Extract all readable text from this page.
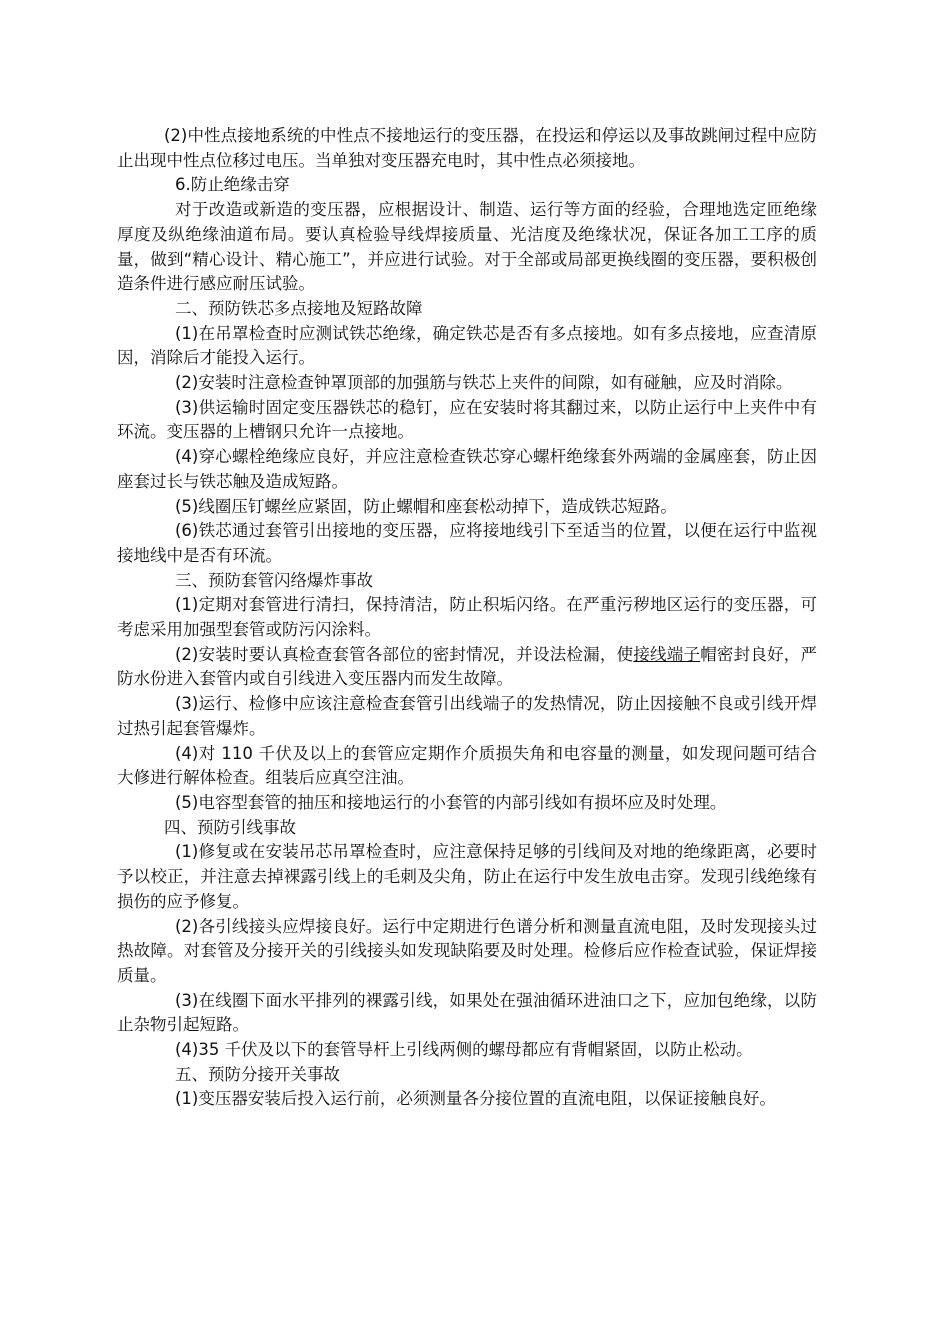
(2)中性点接地系统的中性点不接地运行的变压器，在投运和停运以及事故跳闸过程中应防止出现中性点位移过电压。当单独对变压器充电时，其中性点必须接地。

6.防止绝缘击穿

对于改造或新造的变压器，应根据设计、制造、运行等方面的经验，合理地选定匝绝缘厚度及纵绝缘油道布局。要认真检验导线焊接质量、光洁度及绝缘状况，保证各加工工序的质量，做到“精心设计、精心施工”，并应进行试验。对于全部或局部更换线圈的变压器，要积极创造条件进行感应耐压试验。

二、预防铁芯多点接地及短路故障

(1)在吊罩检查时应测试铁芯绝缘，确定铁芯是否有多点接地。如有多点接地，应查清原因，消除后才能投入运行。

(2)安装时注意检查钟罩顶部的加强筋与铁芯上夹件的间隙，如有碰触，应及时消除。

(3)供运输时固定变压器铁芯的稳钉，应在安装时将其翻过来，以防止运行中上夹件中有环流。变压器的上槽钢只允许一点接地。

(4)穿心螺栓绝缘应良好，并应注意检查铁芯穿心螺杆绝缘套外两端的金属座套，防止因座套过长与铁芯触及造成短路。

(5)线圈压钉螺丝应紧固，防止螺帽和座套松动掉下，造成铁芯短路。

(6)铁芯通过套管引出接地的变压器，应将接地线引下至适当的位置，以便在运行中监视接地线中是否有环流。

三、预防套管闪络爆炸事故

(1)定期对套管进行清扫，保持清洁，防止积垢闪络。在严重污秽地区运行的变压器，可考虑采用加强型套管或防污闪涂料。

(2)安装时要认真检查套管各部位的密封情况，并设法检漏，使接线端子帽密封良好，严防水份进入套管内或自引线进入变压器内而发生故障。

(3)运行、检修中应该注意检查套管引出线端子的发热情况，防止因接触不良或引线开焊过热引起套管爆炸。

(4)对 110 千伏及以上的套管应定期作介质损失角和电容量的测量，如发现问题可结合大修进行解体检查。组装后应真空注油。

(5)电容型套管的抽压和接地运行的小套管的内部引线如有损坏应及时处理。

四、预防引线事故

(1)修复或在安装吊芯吊罩检查时，应注意保持足够的引线间及对地的绝缘距离，必要时予以校正，并注意去掉裸露引线上的毛刺及尖角，防止在运行中发生放电击穿。发现引线绝缘有损伤的应予修复。

(2)各引线接头应焊接良好。运行中定期进行色谱分析和测量直流电阻，及时发现接头过热故障。对套管及分接开关的引线接头如发现缺陷要及时处理。检修后应作检查试验，保证焊接质量。

(3)在线圈下面水平排列的裸露引线，如果处在强油循环进油口之下，应加包绝缘，以防止杂物引起短路。

(4)35 千伏及以下的套管导杆上引线两侧的螺母都应有背帽紧固，以防止松动。

五、预防分接开关事故

(1)变压器安装后投入运行前，必须测量各分接位置的直流电阻，以保证接触良好。
